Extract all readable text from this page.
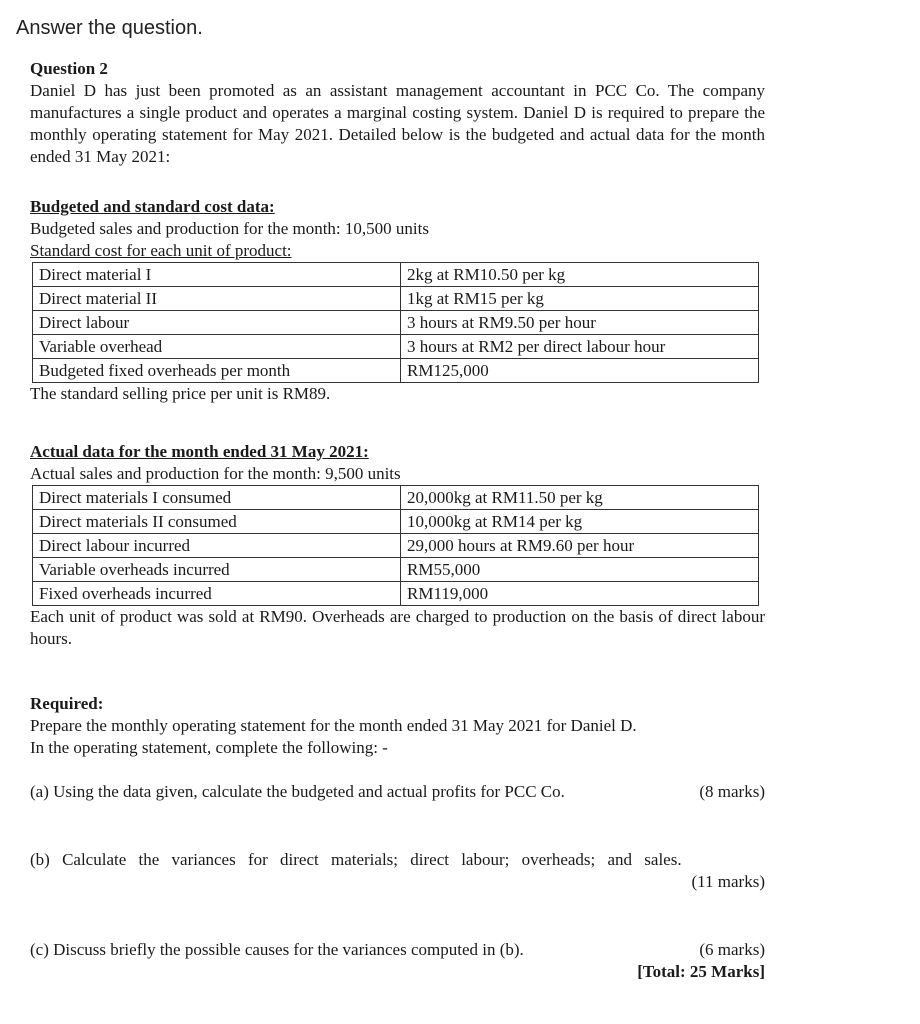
Answer the question.
Question 2

Daniel D has just been promoted as an assistant management accountant in PCC Co. The company manufactures a single product and operates a marginal costing system. Daniel D is required to prepare the monthly operating statement for May 2021. Detailed below is the budgeted and actual data for the month ended 31 May 2021:

Budgeted and standard cost data:

Budgeted sales and production for the month: 10,500 units

Standard cost for each unit of product:

Direct material I	2kg at RM10.50 per kg
Direct material II	1kg at RM15 per kg
Direct labour	3 hours at RM9.50 per hour
Variable overhead	3 hours at RM2 per direct labour hour
Budgeted fixed overheads per month	RM125,000

The standard selling price per unit is RM89.

Actual data for the month ended 31 May 2021:

Actual sales and production for the month: 9,500 units

Direct materials I consumed	20,000kg at RM11.50 per kg
Direct materials II consumed	10,000kg at RM14 per kg
Direct labour incurred	29,000 hours at RM9.60 per hour
Variable overheads incurred	RM55,000
Fixed overheads incurred	RM119,000

Each unit of product was sold at RM90. Overheads are charged to production on the basis of direct labour hours.

Required:

Prepare the monthly operating statement for the month ended 31 May 2021 for Daniel D.

In the operating statement, complete the following: -

(a) Using the data given, calculate the budgeted and actual profits for PCC Co.	(8 marks)
(b) Calculate the variances for direct materials; direct labour; overheads; and sales.
(11 marks)
(c) Discuss briefly the possible causes for the variances computed in (b).	(6 marks)
[Total: 25 Marks]
